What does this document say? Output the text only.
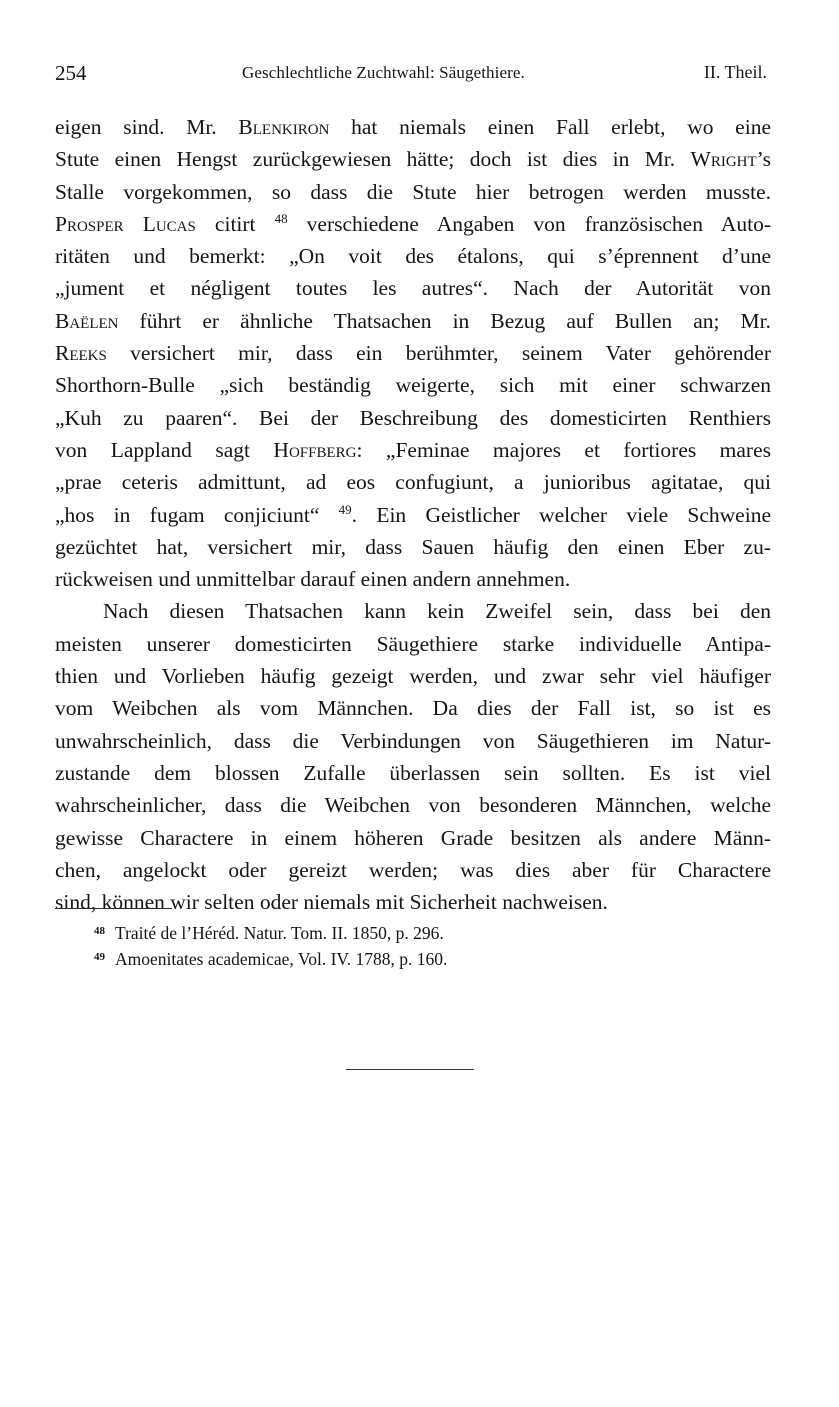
254	Geschlechtliche Zuchtwahl: Säugethiere.	II. Theil.
eigen sind. Mr. Blenkiron hat niemals einen Fall erlebt, wo eine
Stute einen Hengst zurückgewiesen hätte; doch ist dies in Mr. Wright’s
Stalle vorgekommen, so dass die Stute hier betrogen werden musste.
Prosper Lucas citirt $^{48}$ verschiedene Angaben von französischen Auto-
ritäten und bemerkt: „On voit des étalons, qui s’éprennent d’une
„jument et négligent toutes les autres“. Nach der Autorität von
Baëlen führt er ähnliche Thatsachen in Bezug auf Bullen an; Mr.
Reeks versichert mir, dass ein berühmter, seinem Vater gehörender
Shorthorn-Bulle „sich beständig weigerte, sich mit einer schwarzen
„Kuh zu paaren“. Bei der Beschreibung des domesticirten Renthiers
von Lappland sagt Hoffberg: „Feminae majores et fortiores mares
„prae ceteris admittunt, ad eos confugiunt, a junioribus agitatae, qui
„hos in fugam conjiciunt“ $^{49}$. Ein Geistlicher welcher viele Schweine
gezüchtet hat, versichert mir, dass Sauen häufig den einen Eber zu-
rückweisen und unmittelbar darauf einen andern annehmen.
Nach diesen Thatsachen kann kein Zweifel sein, dass bei den
meisten unserer domesticirten Säugethiere starke individuelle Antipa-
thien und Vorlieben häufig gezeigt werden, und zwar sehr viel häufiger
vom Weibchen als vom Männchen. Da dies der Fall ist, so ist es
unwahrscheinlich, dass die Verbindungen von Säugethieren im Natur-
zustande dem blossen Zufalle überlassen sein sollten. Es ist viel
wahrscheinlicher, dass die Weibchen von besonderen Männchen, welche
gewisse Charactere in einem höheren Grade besitzen als andere Männ-
chen, angelockt oder gereizt werden; was dies aber für Charactere
sind, können wir selten oder niemals mit Sicherheit nachweisen.
$^{48}$ Traité de l’Héréd. Natur. Tom. II. 1850, p. 296.
$^{49}$ Amoenitates academicae, Vol. IV. 1788, p. 160.
